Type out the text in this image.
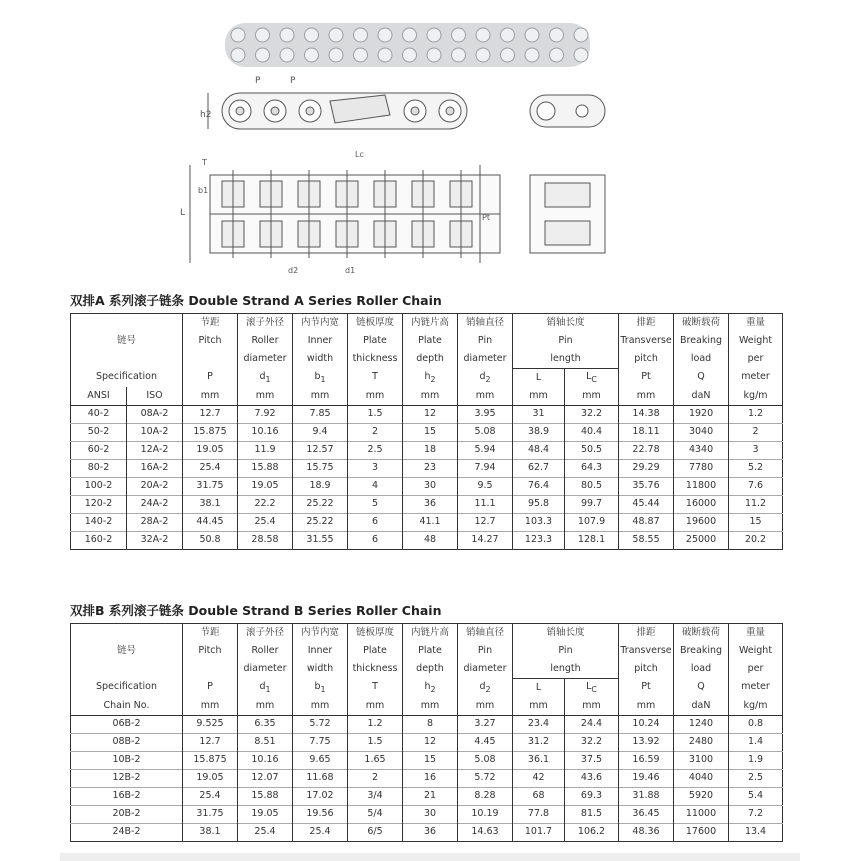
h2
P	P
L
b1
T
Lc
Pt
d2	d1
双排A 系列滚子链条 Double Strand A Series Roller Chain
链号		节距	滚子外径	内节内宽	链板厚度	内链片高	销轴直径	销轴长度		排距	破断载荷	重量
		Pitch	Roller	Inner	Plate	Plate	Pin	Pin		Transverse	Breaking	Weight
			diameter	width	thickness	depth	diameter	length		pitch	load	per
Specification		P	$d_1$	$b_1$	T	$h_2$	$d_2$	L	$L_C$	Pt	Q	meter
ANSI	ISO	mm	mm	mm	mm	mm	mm	mm	mm	mm	daN	kg/m
40-2	08A-2	12.7	7.92	7.85	1.5	12	3.95	31	32.2	14.38	1920	1.2
50-2	10A-2	15.875	10.16	9.4	2	15	5.08	38.9	40.4	18.11	3040	2
60-2	12A-2	19.05	11.9	12.57	2.5	18	5.94	48.4	50.5	22.78	4340	3
80-2	16A-2	25.4	15.88	15.75	3	23	7.94	62.7	64.3	29.29	7780	5.2
100-2	20A-2	31.75	19.05	18.9	4	30	9.5	76.4	80.5	35.76	11800	7.6
120-2	24A-2	38.1	22.2	25.22	5	36	11.1	95.8	99.7	45.44	16000	11.2
140-2	28A-2	44.45	25.4	25.22	6	41.1	12.7	103.3	107.9	48.87	19600	15
160-2	32A-2	50.8	28.58	31.55	6	48	14.27	123.3	128.1	58.55	25000	20.2
双排B 系列滚子链条 Double Strand B Series Roller Chain
链号	节距	滚子外径	内节内宽	链板厚度	内链片高	销轴直径	销轴长度		排距	破断载荷	重量
	Pitch	Roller	Inner	Plate	Plate	Pin	Pin		Transverse	Breaking	Weight
		diameter	width	thickness	depth	diameter	length		pitch	load	per
Specification	P	$d_1$	$b_1$	T	$h_2$	$d_2$	L	$L_C$	Pt	Q	meter
Chain No.	mm	mm	mm	mm	mm	mm	mm	mm	mm	daN	kg/m
06B-2	9.525	6.35	5.72	1.2	8	3.27	23.4	24.4	10.24	1240	0.8
08B-2	12.7	8.51	7.75	1.5	12	4.45	31.2	32.2	13.92	2480	1.4
10B-2	15.875	10.16	9.65	1.65	15	5.08	36.1	37.5	16.59	3100	1.9
12B-2	19.05	12.07	11.68	2	16	5.72	42	43.6	19.46	4040	2.5
16B-2	25.4	15.88	17.02	3/4	21	8.28	68	69.3	31.88	5920	5.4
20B-2	31.75	19.05	19.56	5/4	30	10.19	77.8	81.5	36.45	11000	7.2
24B-2	38.1	25.4	25.4	6/5	36	14.63	101.7	106.2	48.36	17600	13.4
